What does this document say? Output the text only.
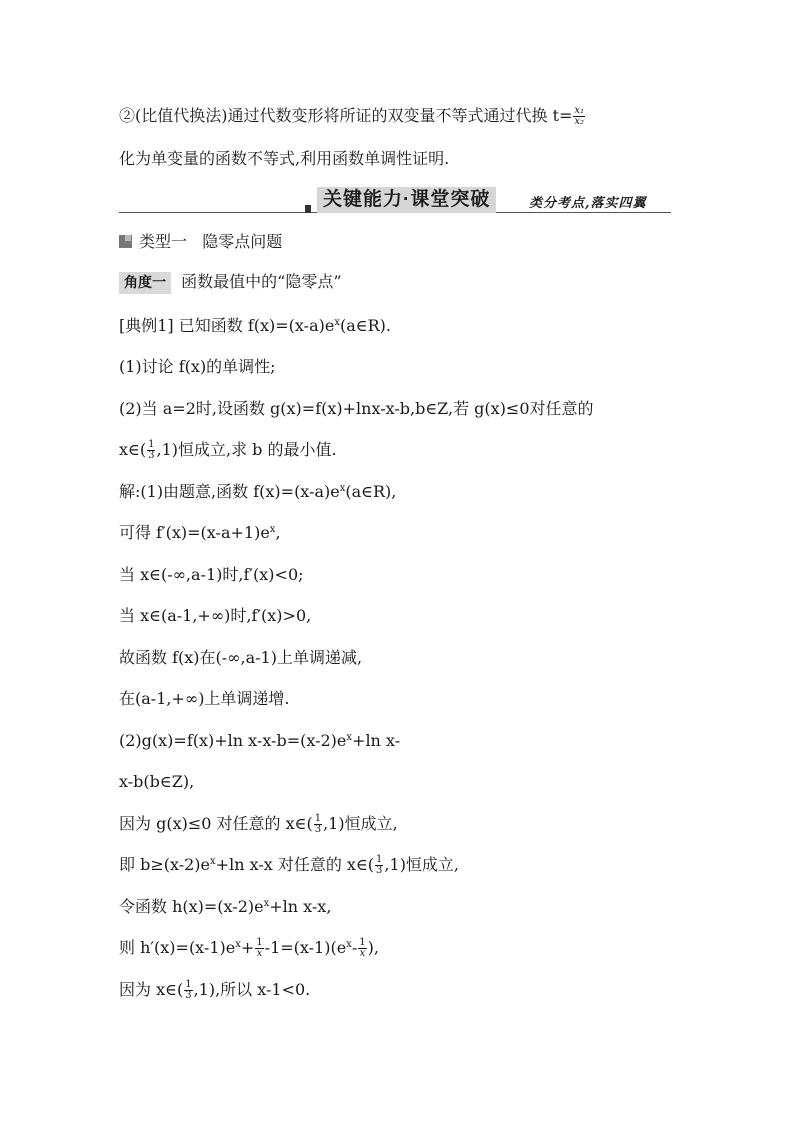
②(比值代换法)通过代数变形将所证的双变量不等式通过代换 $t= \frac{\text{x₁}}{\text{x₂}}$
化为单变量的函数不等式,利用函数单调性证明.
关键能力·课堂突破	类分考点,落实四翼
类型一 隐零点问题
角度一 函数最值中的“隐零点”
[典例1] 已知函数 $f(x)=(x-a)e^x(a\in R)$.
(1)讨论 f(x)的单调性;
(2)当 a=2时,设函数 g(x)=f(x)+lnx-x-b,b∈Z,若 g(x)≤0对任意的
x∈( $\frac{1}{3} ,1$)恒成立,求 b 的最小值.
解:(1)由题意,函数 $f(x)=(x-a)e^x(a\in R)$,
可得 $f'(x)=(x-a+1)e^x$,
当 x∈(-∞,a-1)时,f′(x)<0;
当 x∈(a-1,+∞)时,f′(x)>0,
故函数 f(x)在(-∞,a-1)上单调递减,
在(a-1,+∞)上单调递增.
(2)g(x)=f(x)+ln $x-x-b=(x-2)e^x+\ln$ x-
x-b(b∈Z),
因为 g(x)≤0 对任意的 x∈( $\frac{1}{3} ,1$)恒成立,
即 $b\ge(x-2)e^x+\ln$ x-x 对任意的 x∈( $\frac{1}{3} ,1$)恒成立,
令函数 $h(x)=(x-2)e^x+\ln$ x-x,
则 $h'(x)=(x-1)e^x+ \frac{1}{x} -1=(x-1)(e^x- \frac{1}{x}$ ),
因为 x∈( $\frac{1}{3} ,1$),所以 x-1<0.
